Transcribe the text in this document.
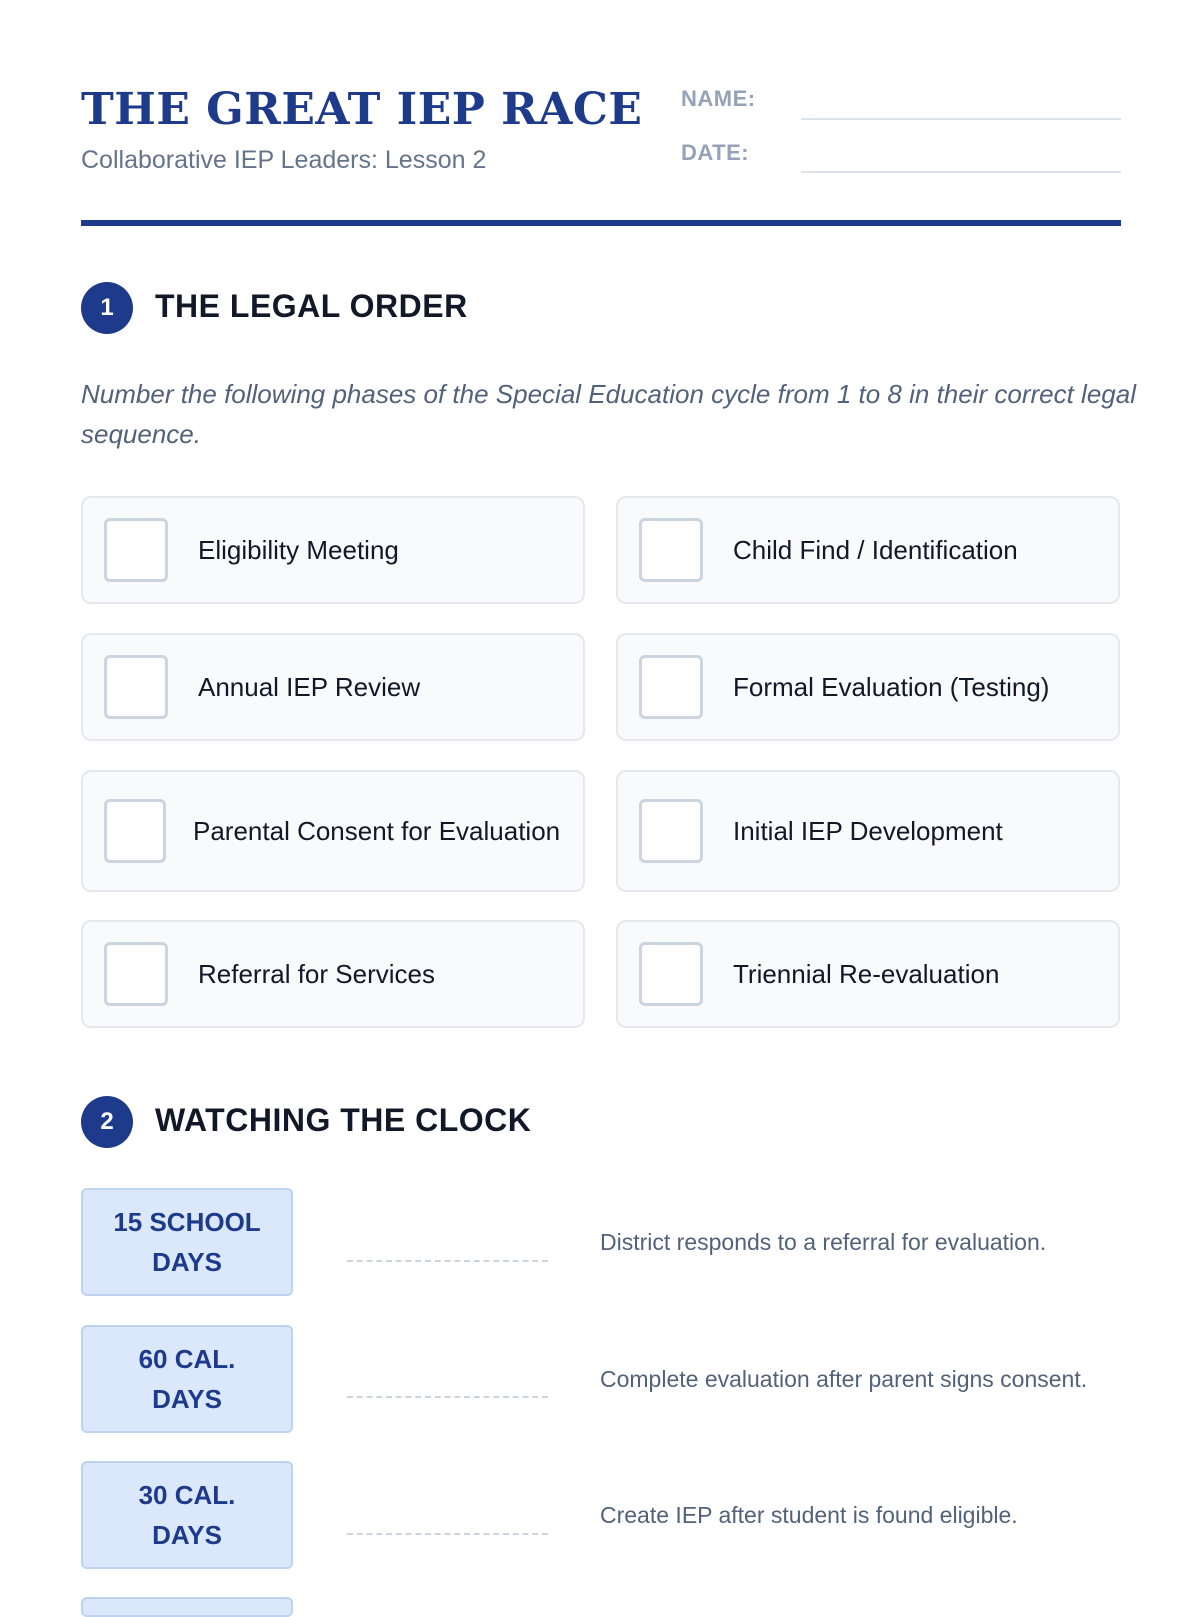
THE GREAT IEP RACE
Collaborative IEP Leaders: Lesson 2
NAME:
DATE:
1	THE LEGAL ORDER
Number the following phases of the Special Education cycle from 1 to 8 in their correct legal sequence.
Eligibility Meeting	Child Find / Identification
Annual IEP Review	Formal Evaluation (Testing)
Parental Consent for Evaluation	Initial IEP Development
Referral for Services	Triennial Re-evaluation
2	WATCHING THE CLOCK
15 SCHOOL DAYS
District responds to a referral for evaluation.
60 CAL. DAYS
Complete evaluation after parent signs consent.
30 CAL. DAYS
Create IEP after student is found eligible.
